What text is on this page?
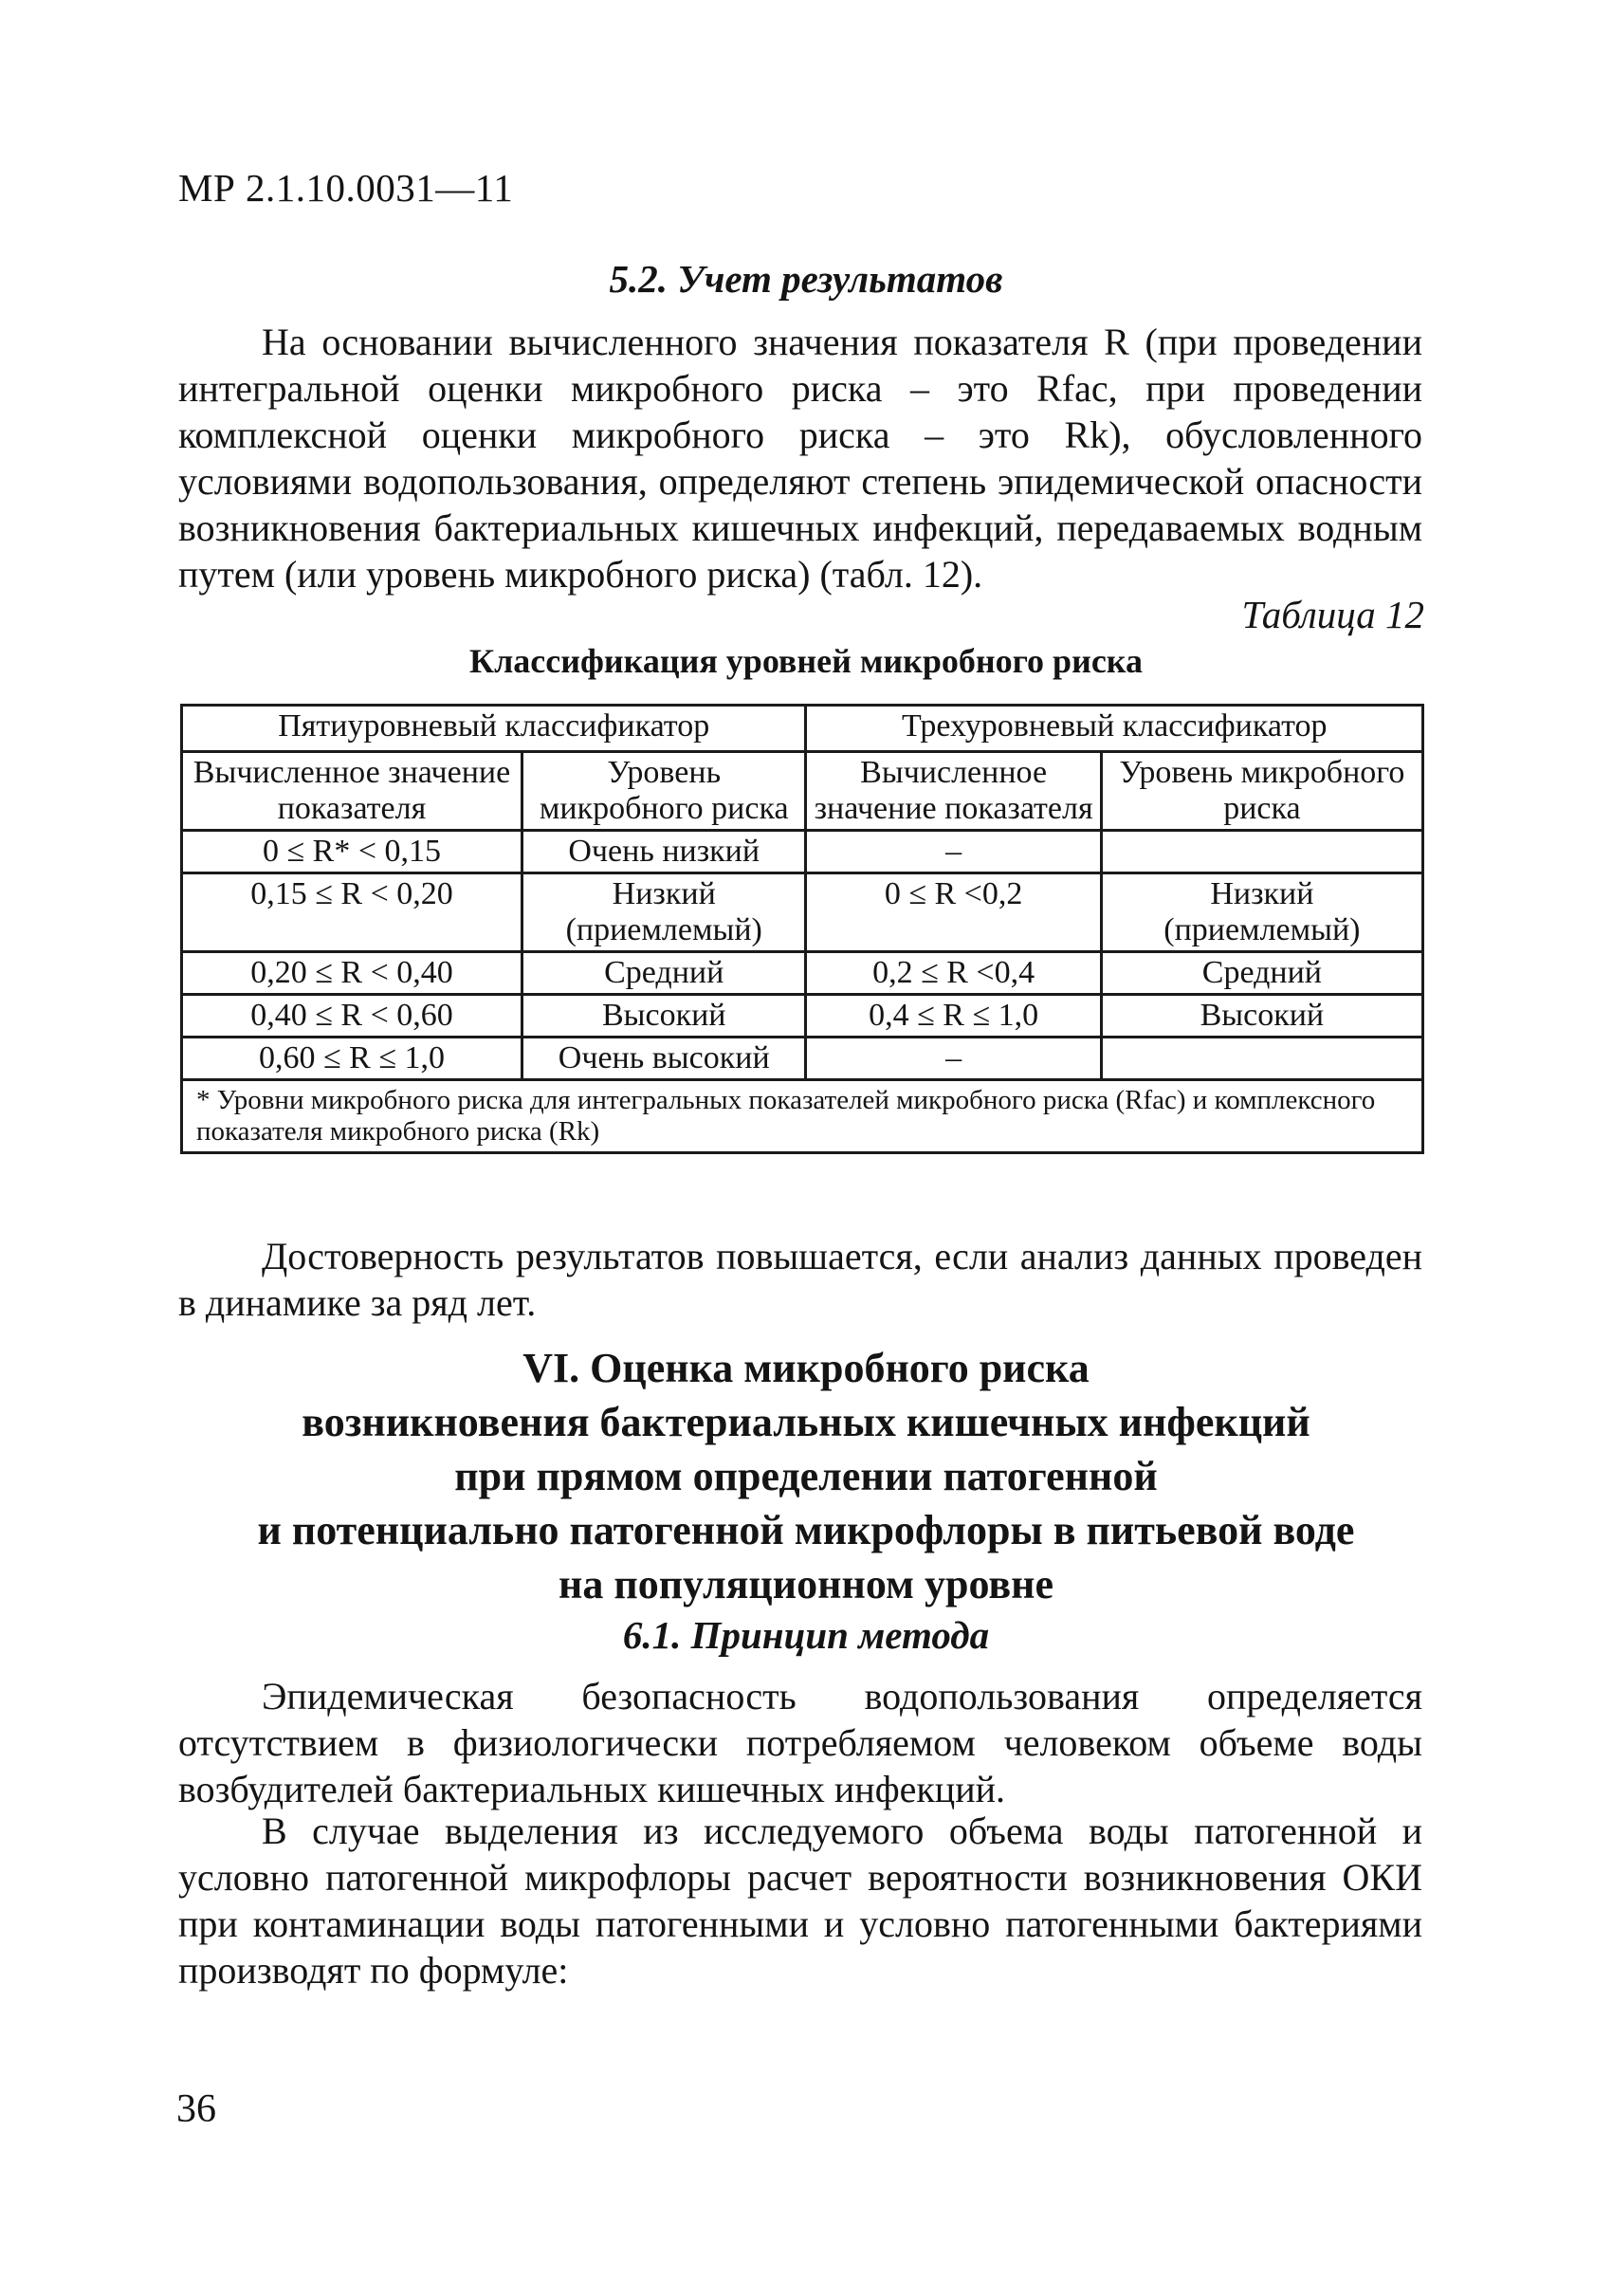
МР 2.1.10.0031—11
5.2. Учет результатов
На основании вычисленного значения показателя R (при проведении интегральной оценки микробного риска – это Rfac, при проведении комплексной оценки микробного риска – это Rk), обусловленного условиями водопользования, определяют степень эпидемической опасности возникновения бактериальных кишечных инфекций, передаваемых водным путем (или уровень микробного риска) (табл. 12).
Таблица 12
Классификация уровней микробного риска
Пятиуровневый классификатор		Трехуровневый классификатор	
Вычисленное значение показателя	Уровень микробного риска	Вычисленное значение показателя	Уровень микробного риска
0 ≤ R* < 0,15	Очень низкий	–	
0,15 ≤ R < 0,20	Низкий (приемлемый)	0 ≤ R <0,2	Низкий (приемлемый)
0,20 ≤ R < 0,40	Средний	0,2 ≤ R <0,4	Средний
0,40 ≤ R < 0,60	Высокий	0,4 ≤ R ≤ 1,0	Высокий
0,60 ≤ R ≤ 1,0	Очень высокий	–	
* Уровни микробного риска для интегральных показателей микробного риска (Rfac) и комплексного показателя микробного риска (Rk)			
Достоверность результатов повышается, если анализ данных проведен в динамике за ряд лет.
VI. Оценка микробного риска
возникновения бактериальных кишечных инфекций
при прямом определении патогенной
и потенциально патогенной микрофлоры в питьевой воде
на популяционном уровне
6.1. Принцип метода
Эпидемическая безопасность водопользования определяется отсутствием в физиологически потребляемом человеком объеме воды возбудителей бактериальных кишечных инфекций.
В случае выделения из исследуемого объема воды патогенной и условно патогенной микрофлоры расчет вероятности возникновения ОКИ при контаминации воды патогенными и условно патогенными бактериями производят по формуле:
36
